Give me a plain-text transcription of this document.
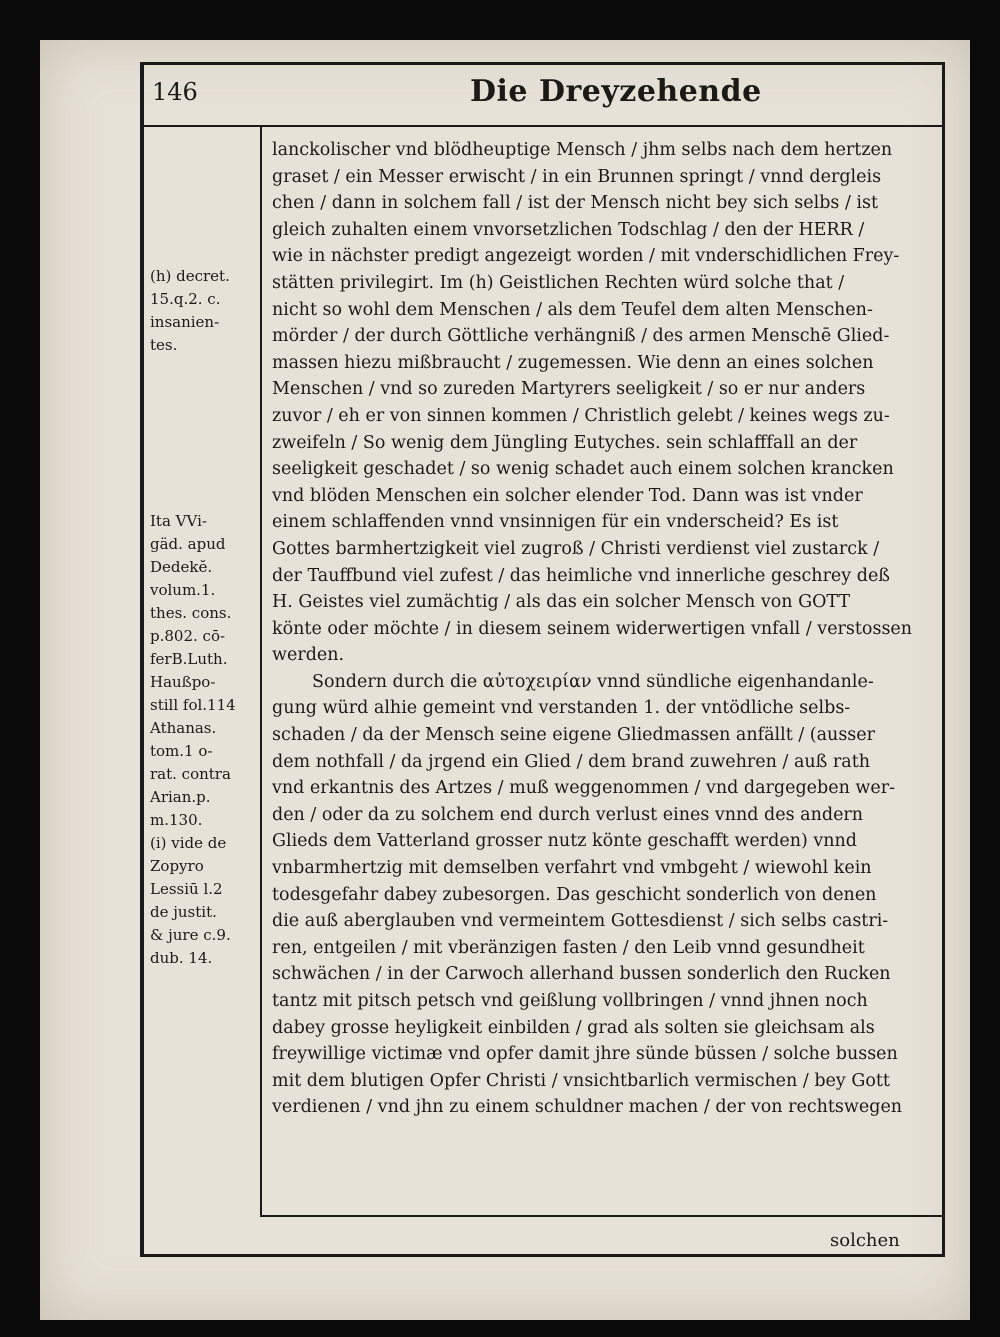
146	Die Dreyzehende
(h) decret.
15.q.2. c.
insanien-
tes.
Ita VVi-
gäd. apud
Dedekĕ.
volum.1.
thes. cons.
p.802. cō-
ferB.Luth.
Haußpo-
still fol.114
Athanas.
tom.1 o-
rat. contra
Arian.p.
m.130.
(i) vide de
Zopyro
Lessiū l.2
de justit.
& jure c.9.
dub. 14.
lanckolischer vnd blödheuptige Mensch / jhm selbs nach dem hertzen
graset / ein Messer erwischt / in ein Brunnen springt / vnnd dergleis
chen / dann in solchem fall / ist der Mensch nicht bey sich selbs / ist
gleich zuhalten einem vnvorsetzlichen Todschlag / den der HERR /
wie in nächster predigt angezeigt worden / mit vnderschidlichen Frey-
stätten privilegirt. Im (h) Geistlichen Rechten würd solche that /
nicht so wohl dem Menschen / als dem Teufel dem alten Menschen-
mörder / der durch Göttliche verhängniß / des armen Menschē Glied-
massen hiezu mißbraucht / zugemessen. Wie denn an eines solchen
Menschen / vnd so zureden Martyrers seeligkeit / so er nur anders
zuvor / eh er von sinnen kommen / Christlich gelebt / keines wegs zu-
zweifeln / So wenig dem Jüngling Eutyches. sein schlafffall an der
seeligkeit geschadet / so wenig schadet auch einem solchen krancken
vnd blöden Menschen ein solcher elender Tod. Dann was ist vnder
einem schlaffenden vnnd vnsinnigen für ein vnderscheid? Es ist
Gottes barmhertzigkeit viel zugroß / Christi verdienst viel zustarck /
der Tauffbund viel zufest / das heimliche vnd innerliche geschrey deß
H. Geistes viel zumächtig / als das ein solcher Mensch von GOTT
könte oder möchte / in diesem seinem widerwertigen vnfall / verstossen
werden.
Sondern durch die αὐτοχειρίαν vnnd sündliche eigenhandanle-
gung würd alhie gemeint vnd verstanden 1. der vntödliche selbs-
schaden / da der Mensch seine eigene Gliedmassen anfällt / (ausser
dem nothfall / da jrgend ein Glied / dem brand zuwehren / auß rath
vnd erkantnis des Artzes / muß weggenommen / vnd dargegeben wer-
den / oder da zu solchem end durch verlust eines vnnd des andern
Glieds dem Vatterland grosser nutz könte geschafft werden) vnnd
vnbarmhertzig mit demselben verfahrt vnd vmbgeht / wiewohl kein
todesgefahr dabey zubesorgen. Das geschicht sonderlich von denen
die auß aberglauben vnd vermeintem Gottesdienst / sich selbs castri-
ren, entgeilen / mit vberänzigen fasten / den Leib vnnd gesundheit
schwächen / in der Carwoch allerhand bussen sonderlich den Rucken
tantz mit pitsch petsch vnd geißlung vollbringen / vnnd jhnen noch
dabey grosse heyligkeit einbilden / grad als solten sie gleichsam als
freywillige victimæ vnd opfer damit jhre sünde büssen / solche bussen
mit dem blutigen Opfer Christi / vnsichtbarlich vermischen / bey Gott
verdienen / vnd jhn zu einem schuldner machen / der von rechtswegen
solchen
